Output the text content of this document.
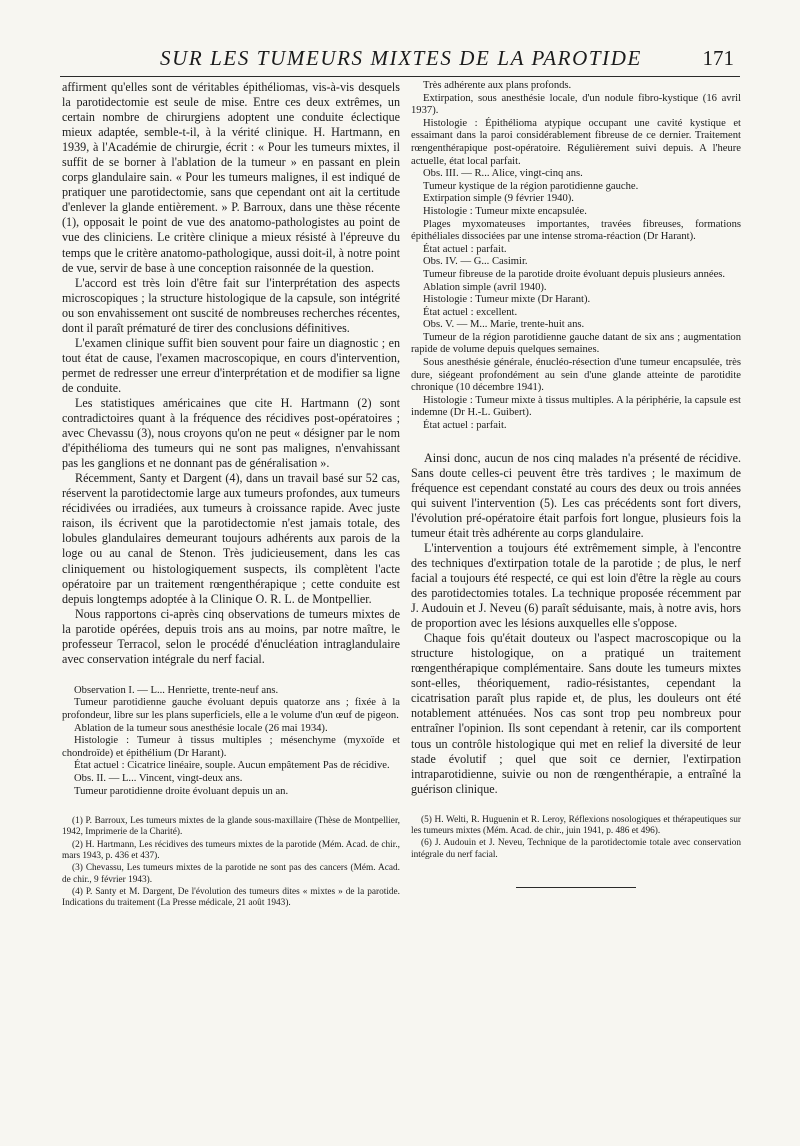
SUR LES TUMEURS MIXTES DE LA PAROTIDE	171

affirment qu'elles sont de véritables épithéliomas, vis-à-vis desquels la parotidectomie est seule de mise. Entre ces deux extrêmes, un certain nombre de chirurgiens adoptent une conduite éclectique mieux adaptée, semble-t-il, à la vérité clinique. H. Hartmann, en 1939, à l'Académie de chirurgie, écrit : « Pour les tumeurs mixtes, il suffit de se borner à l'ablation de la tumeur » en passant en plein corps glandulaire sain. « Pour les tumeurs malignes, il est indiqué de pratiquer une parotidectomie, sans que cependant ont ait la certitude d'enlever la glande entièrement. » P. Barroux, dans une thèse récente (1), opposait le point de vue des anatomo-pathologistes au point de vue des cliniciens. Le critère clinique a mieux résisté à l'épreuve du temps que le critère anatomo-pathologique, aussi doit-il, à notre point de vue, servir de base à une conception raisonnée de la question.

L'accord est très loin d'être fait sur l'interprétation des aspects microscopiques ; la structure histologique de la capsule, son intégrité ou son envahissement ont suscité de nombreuses recherches récentes, dont il paraît prématuré de tirer des conclusions définitives.

L'examen clinique suffit bien souvent pour faire un diagnostic ; en tout état de cause, l'examen macroscopique, en cours d'intervention, permet de redresser une erreur d'interprétation et de modifier sa ligne de conduite.

Les statistiques américaines que cite H. Hartmann (2) sont contradictoires quant à la fréquence des récidives post-opératoires ; avec Chevassu (3), nous croyons qu'on ne peut « désigner par le nom d'épithélioma des tumeurs qui ne sont pas malignes, n'envahissant pas les ganglions et ne donnant pas de généralisation ».

Récemment, Santy et Dargent (4), dans un travail basé sur 52 cas, réservent la parotidectomie large aux tumeurs profondes, aux tumeurs récidivées ou irradiées, aux tumeurs à croissance rapide. Avec juste raison, ils écrivent que la parotidectomie n'est jamais totale, des lobules glandulaires demeurant toujours adhérents aux parois de la loge ou au canal de Stenon. Très judicieusement, dans les cas cliniquement ou histologiquement suspects, ils complètent l'acte opératoire par un traitement rœngenthérapique ; cette conduite est depuis longtemps adoptée à la Clinique O. R. L. de Montpellier.

Nous rapportons ci-après cinq observations de tumeurs mixtes de la parotide opérées, depuis trois ans au moins, par notre maître, le professeur Terracol, selon le procédé d'énucléation intraglandulaire avec conservation intégrale du nerf facial.

Observation I. — L... Henriette, trente-neuf ans.

Tumeur parotidienne gauche évoluant depuis quatorze ans ; fixée à la profondeur, libre sur les plans superficiels, elle a le volume d'un œuf de pigeon.

Ablation de la tumeur sous anesthésie locale (26 mai 1934).

Histologie : Tumeur à tissus multiples ; mésenchyme (myxoïde et chondroïde) et épithélium (Dr Harant).

État actuel : Cicatrice linéaire, souple. Aucun empâtement Pas de récidive.

Obs. II. — L... Vincent, vingt-deux ans.

Tumeur parotidienne droite évoluant depuis un an.

(1) P. Barroux, Les tumeurs mixtes de la glande sous-maxillaire (Thèse de Montpellier, 1942, Imprimerie de la Charité).

(2) H. Hartmann, Les récidives des tumeurs mixtes de la parotide (Mém. Acad. de chir., mars 1943, p. 436 et 437).

(3) Chevassu, Les tumeurs mixtes de la parotide ne sont pas des cancers (Mém. Acad. de chir., 9 février 1943).

(4) P. Santy et M. Dargent, De l'évolution des tumeurs dites « mixtes » de la parotide. Indications du traitement (La Presse médicale, 21 août 1943).

Très adhérente aux plans profonds.

Extirpation, sous anesthésie locale, d'un nodule fibro-kystique (16 avril 1937).

Histologie : Épithélioma atypique occupant une cavité kystique et essaimant dans la paroi considérablement fibreuse de ce dernier. Traitement rœngenthérapique post-opératoire. Régulièrement suivi depuis. A l'heure actuelle, état local parfait.

Obs. III. — R... Alice, vingt-cinq ans.

Tumeur kystique de la région parotidienne gauche.

Extirpation simple (9 février 1940).

Histologie : Tumeur mixte encapsulée.

Plages myxomateuses importantes, travées fibreuses, formations épithéliales dissociées par une intense stroma-réaction (Dr Harant).

État actuel : parfait.

Obs. IV. — G... Casimir.

Tumeur fibreuse de la parotide droite évoluant depuis plusieurs années.

Ablation simple (avril 1940).

Histologie : Tumeur mixte (Dr Harant).

État actuel : excellent.

Obs. V. — M... Marie, trente-huit ans.

Tumeur de la région parotidienne gauche datant de six ans ; augmentation rapide de volume depuis quelques semaines.

Sous anesthésie générale, énucléo-résection d'une tumeur encapsulée, très dure, siégeant profondément au sein d'une glande atteinte de parotidite chronique (10 décembre 1941).

Histologie : Tumeur mixte à tissus multiples. A la périphérie, la capsule est indemne (Dr H.-L. Guibert).

État actuel : parfait.

Ainsi donc, aucun de nos cinq malades n'a présenté de récidive. Sans doute celles-ci peuvent être très tardives ; le maximum de fréquence est cependant constaté au cours des deux ou trois années qui suivent l'intervention (5). Les cas précédents sont fort divers, l'évolution pré-opératoire était parfois fort longue, plusieurs fois la tumeur était très adhérente au corps glandulaire.

L'intervention a toujours été extrêmement simple, à l'encontre des techniques d'extirpation totale de la parotide ; de plus, le nerf facial a toujours été respecté, ce qui est loin d'être la règle au cours des parotidectomies totales. La technique proposée récemment par J. Audouin et J. Neveu (6) paraît séduisante, mais, à notre avis, hors de proportion avec les lésions auxquelles elle s'oppose.

Chaque fois qu'était douteux ou l'aspect macroscopique ou la structure histologique, on a pratiqué un traitement rœngenthérapique complémentaire. Sans doute les tumeurs mixtes sont-elles, théoriquement, radio-résistantes, cependant la cicatrisation paraît plus rapide et, de plus, les douleurs ont été notablement atténuées. Nos cas sont trop peu nombreux pour entraîner l'opinion. Ils sont cependant à retenir, car ils comportent tous un contrôle histologique qui met en relief la diversité de leur stade évolutif ; quel que soit ce dernier, l'extirpation intraparotidienne, suivie ou non de rœngenthérapie, a entraîné la guérison clinique.

(5) H. Welti, R. Huguenin et R. Leroy, Réflexions nosologiques et thérapeutiques sur les tumeurs mixtes (Mém. Acad. de chir., juin 1941, p. 486 et 496).

(6) J. Audouin et J. Neveu, Technique de la parotidectomie totale avec conservation intégrale du nerf facial.
